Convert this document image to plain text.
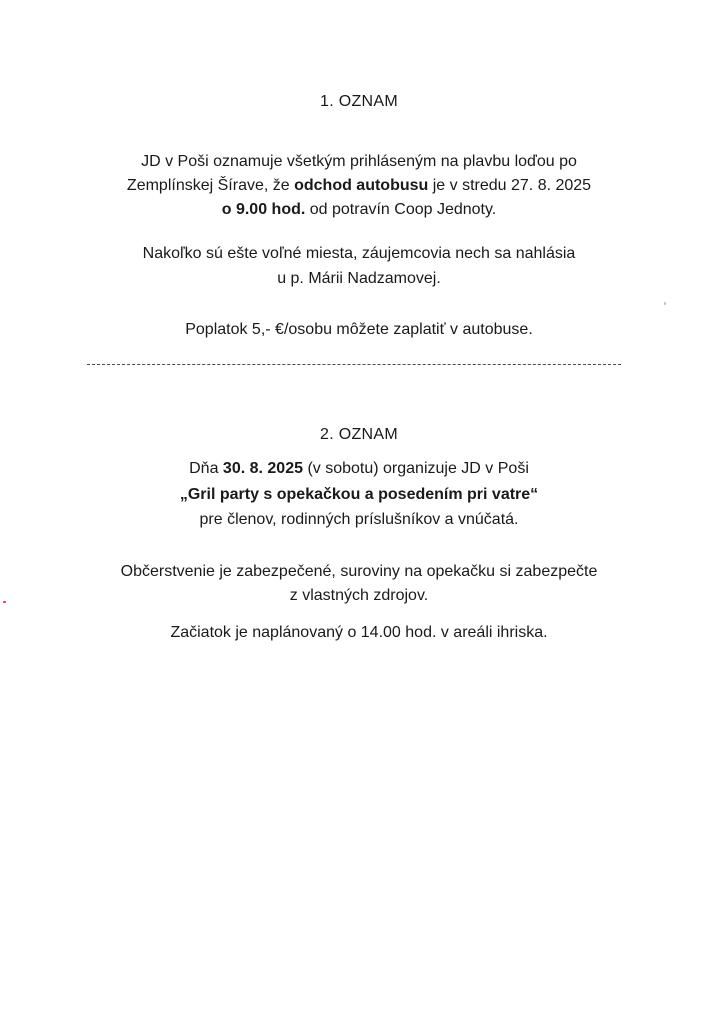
1. OZNAM
JD v Poši oznamuje všetkým prihláseným na plavbu loďou po
Zemplínskej Šírave, že odchod autobusu je v stredu 27. 8. 2025
o 9.00 hod. od potravín Coop Jednoty.
Nakoľko sú ešte voľné miesta, záujemcovia nech sa nahlásia
u p. Márii Nadzamovej.
Poplatok 5,- €/osobu môžete zaplatiť v autobuse.
2. OZNAM
Dňa 30. 8. 2025 (v sobotu) organizuje JD v Poši
„Gril party s opekačkou a posedením pri vatre“
pre členov, rodinných príslušníkov a vnúčatá.
Občerstvenie je zabezpečené, suroviny na opekačku si zabezpečte
z vlastných zdrojov.
Začiatok je naplánovaný o 14.00 hod. v areáli ihriska.
